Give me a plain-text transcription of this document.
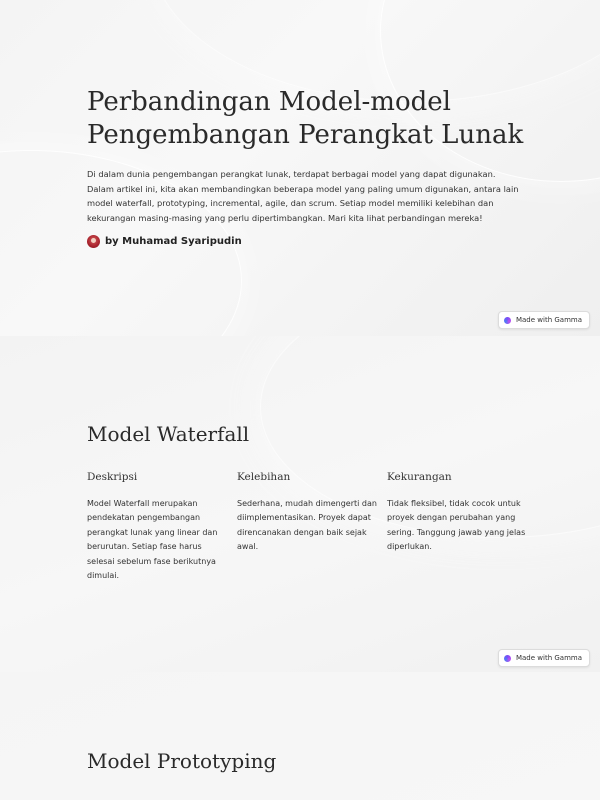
Perbandingan Model-model Pengembangan Perangkat Lunak

Di dalam dunia pengembangan perangkat lunak, terdapat berbagai model yang dapat digunakan. Dalam artikel ini, kita akan membandingkan beberapa model yang paling umum digunakan, antara lain model waterfall, prototyping, incremental, agile, dan scrum. Setiap model memiliki kelebihan dan kekurangan masing-masing yang perlu dipertimbangkan. Mari kita lihat perbandingan mereka!

by Muhamad Syaripudin
Made with Gamma
Model Waterfall
Deskripsi

Model Waterfall merupakan pendekatan pengembangan perangkat lunak yang linear dan berurutan. Setiap fase harus selesai sebelum fase berikutnya dimulai.

Kelebihan

Sederhana, mudah dimengerti dan diimplementasikan. Proyek dapat direncanakan dengan baik sejak awal.

Kekurangan

Tidak fleksibel, tidak cocok untuk proyek dengan perubahan yang sering. Tanggung jawab yang jelas diperlukan.

Made with Gamma
Model Prototyping
